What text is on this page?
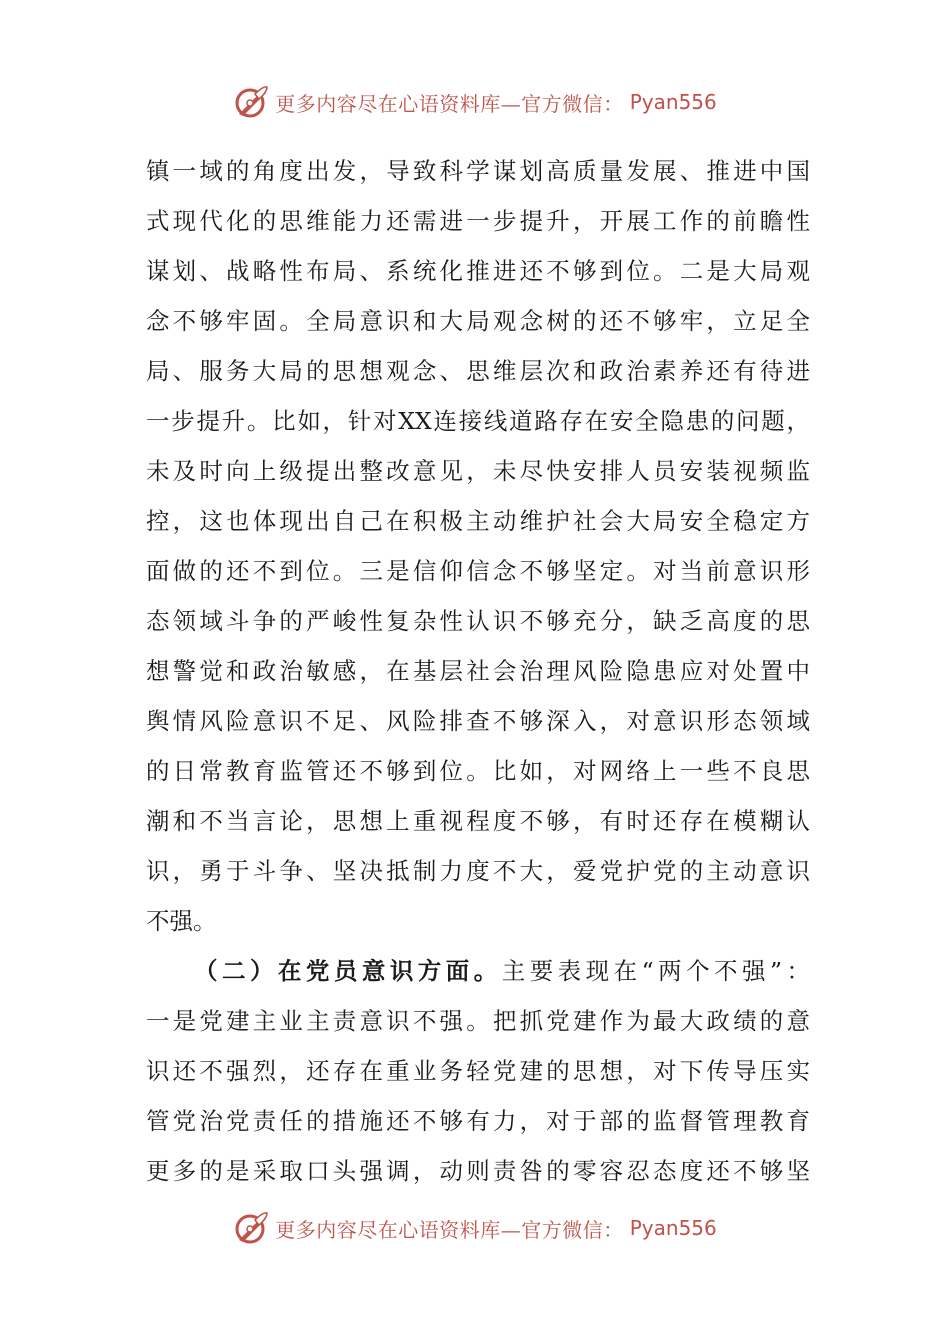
更多内容尽在心语资料库—官方微信： Pyan556
镇一域的角度出发，导致科学谋划高质量发展、推进中国
式现代化的思维能力还需进一步提升，开展工作的前瞻性
谋划、战略性布局、系统化推进还不够到位。二是大局观
念不够牢固。全局意识和大局观念树的还不够牢，立足全
局、服务大局的思想观念、思维层次和政治素养还有待进
一步提升。比如，针对XX连接线道路存在安全隐患的问题，
未及时向上级提出整改意见，未尽快安排人员安装视频监
控，这也体现出自己在积极主动维护社会大局安全稳定方
面做的还不到位。三是信仰信念不够坚定。对当前意识形
态领域斗争的严峻性复杂性认识不够充分，缺乏高度的思
想警觉和政治敏感，在基层社会治理风险隐患应对处置中
舆情风险意识不足、风险排查不够深入，对意识形态领域
的日常教育监管还不够到位。比如，对网络上一些不良思
潮和不当言论，思想上重视程度不够，有时还存在模糊认
识，勇于斗争、坚决抵制力度不大，爱党护党的主动意识
不强。
（二）在党员意识方面。主要表现在“两个不强”：
一是党建主业主责意识不强。把抓党建作为最大政绩的意
识还不强烈，还存在重业务轻党建的思想，对下传导压实
管党治党责任的措施还不够有力，对于部的监督管理教育
更多的是采取口头强调，动则责咎的零容忍态度还不够坚
更多内容尽在心语资料库—官方微信： Pyan556
